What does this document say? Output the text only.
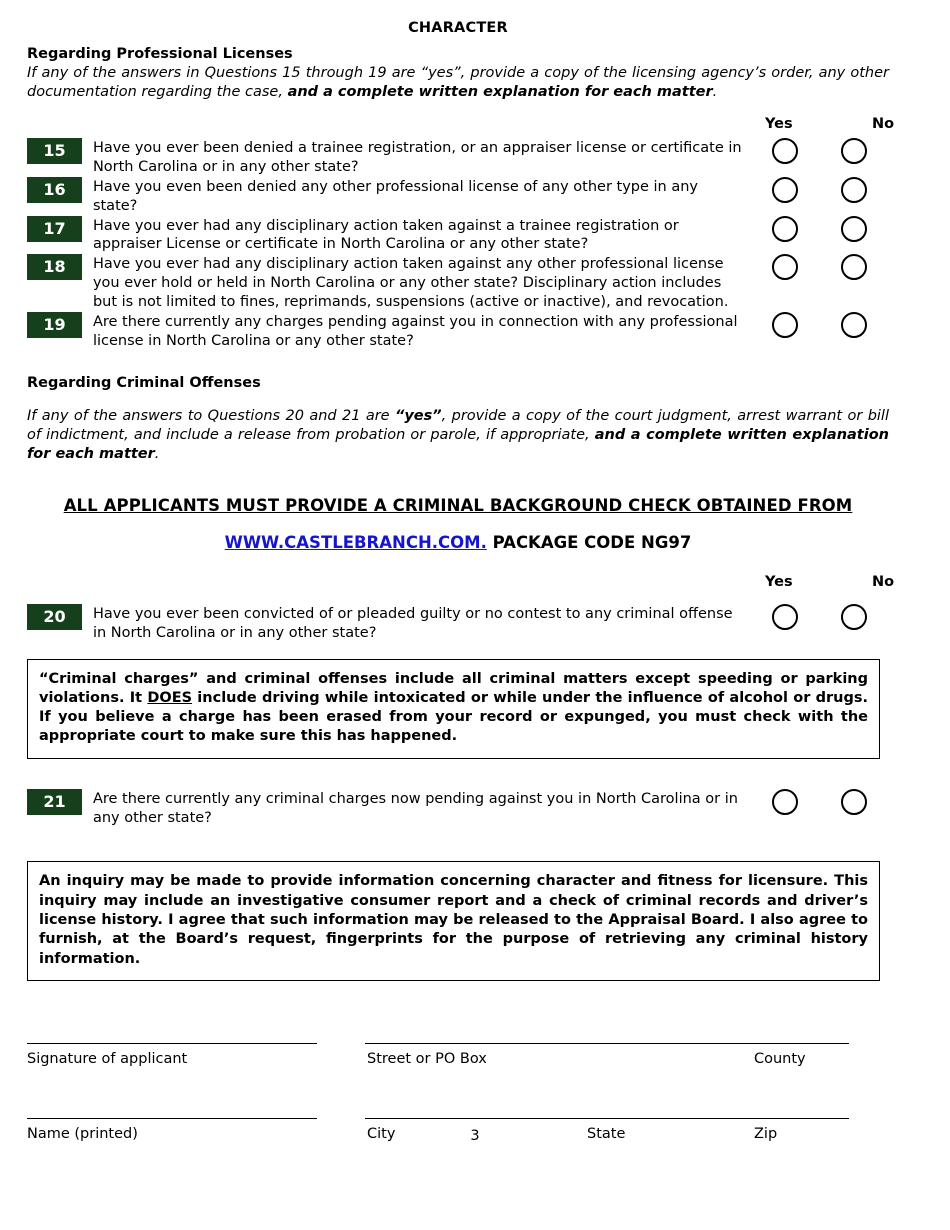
CHARACTER
Regarding Professional Licenses

If any of the answers in Questions 15 through 19 are “yes”, provide a copy of the licensing agency’s order, any other documentation regarding the case, and a complete written explanation for each matter.

Yes	No
15	Have you ever been denied a trainee registration, or an appraiser license or certificate in North Carolina or in any other state?		

16	Have you even been denied any other professional license of any other type in any state?		

17	Have you ever had any disciplinary action taken against a trainee registration or appraiser License or certificate in North Carolina or any other state?		

18	Have you ever had any disciplinary action taken against any other professional license you ever hold or held in North Carolina or any other state? Disciplinary action includes but is not limited to fines, reprimands, suspensions (active or inactive), and revocation.		

19	Are there currently any charges pending against you in connection with any professional license in North Carolina or any other state?		
Regarding Criminal Offenses

If any of the answers to Questions 20 and 21 are “yes”, provide a copy of the court judgment, arrest warrant or bill of indictment, and include a release from probation or parole, if appropriate, and a complete written explanation for each matter.

ALL APPLICANTS MUST PROVIDE A CRIMINAL BACKGROUND CHECK OBTAINED FROM
WWW.CASTLEBRANCH.COM. PACKAGE CODE NG97
Yes	No
20	Have you ever been convicted of or pleaded guilty or no contest to any criminal offense in North Carolina or in any other state?		
“Criminal charges” and criminal offenses include all criminal matters except speeding or parking violations. It DOES include driving while intoxicated or while under the influence of alcohol or drugs. If you believe a charge has been erased from your record or expunged, you must check with the appropriate court to make sure this has happened.
21	Are there currently any criminal charges now pending against you in North Carolina or in any other state?		
An inquiry may be made to provide information concerning character and fitness for licensure. This inquiry may include an investigative consumer report and a check of criminal records and driver’s license history. I agree that such information may be released to the Appraisal Board. I also agree to furnish, at the Board’s request, fingerprints for the purpose of retrieving any criminal history information.
Signature of applicant	Street or PO Box	County
Name (printed)	City	State	Zip
3
